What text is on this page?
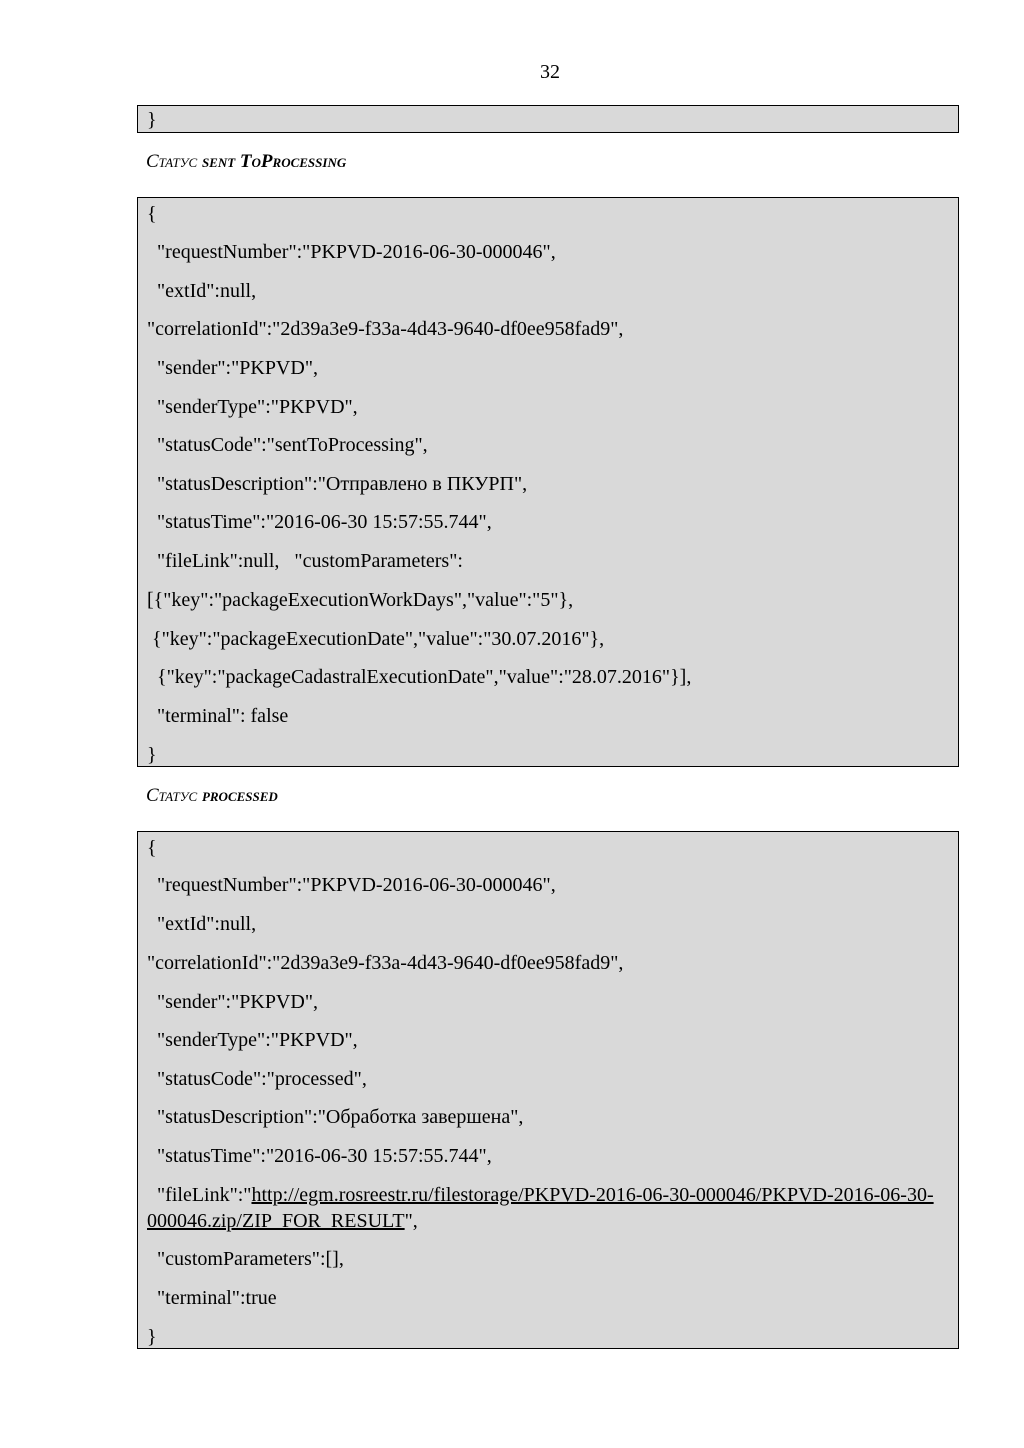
32
}
Статус sent ToProcessing
{
"requestNumber":"PKPVD-2016-06-30-000046",
"extId":null,
"correlationId":"2d39a3e9-f33a-4d43-9640-df0ee958fad9",
"sender":"PKPVD",
"senderType":"PKPVD",
"statusCode":"sentToProcessing",
"statusDescription":"Отправлено в ПКУРП",
"statusTime":"2016-06-30 15:57:55.744",
"fileLink":null,   "customParameters":
[{"key":"packageExecutionWorkDays","value":"5"},
{"key":"packageExecutionDate","value":"30.07.2016"},
{"key":"packageCadastralExecutionDate","value":"28.07.2016"}],
"terminal": false
}
Статус processed
{
"requestNumber":"PKPVD-2016-06-30-000046",
"extId":null,
"correlationId":"2d39a3e9-f33a-4d43-9640-df0ee958fad9",
"sender":"PKPVD",
"senderType":"PKPVD",
"statusCode":"processed",
"statusDescription":"Обработка завершена",
"statusTime":"2016-06-30 15:57:55.744",
"fileLink":"http://egm.rosreestr.ru/filestorage/PKPVD-2016-06-30-000046/PKPVD-2016-06-30-000046.zip/ZIP_FOR_RESULT",
"customParameters":[],
"terminal":true
}
